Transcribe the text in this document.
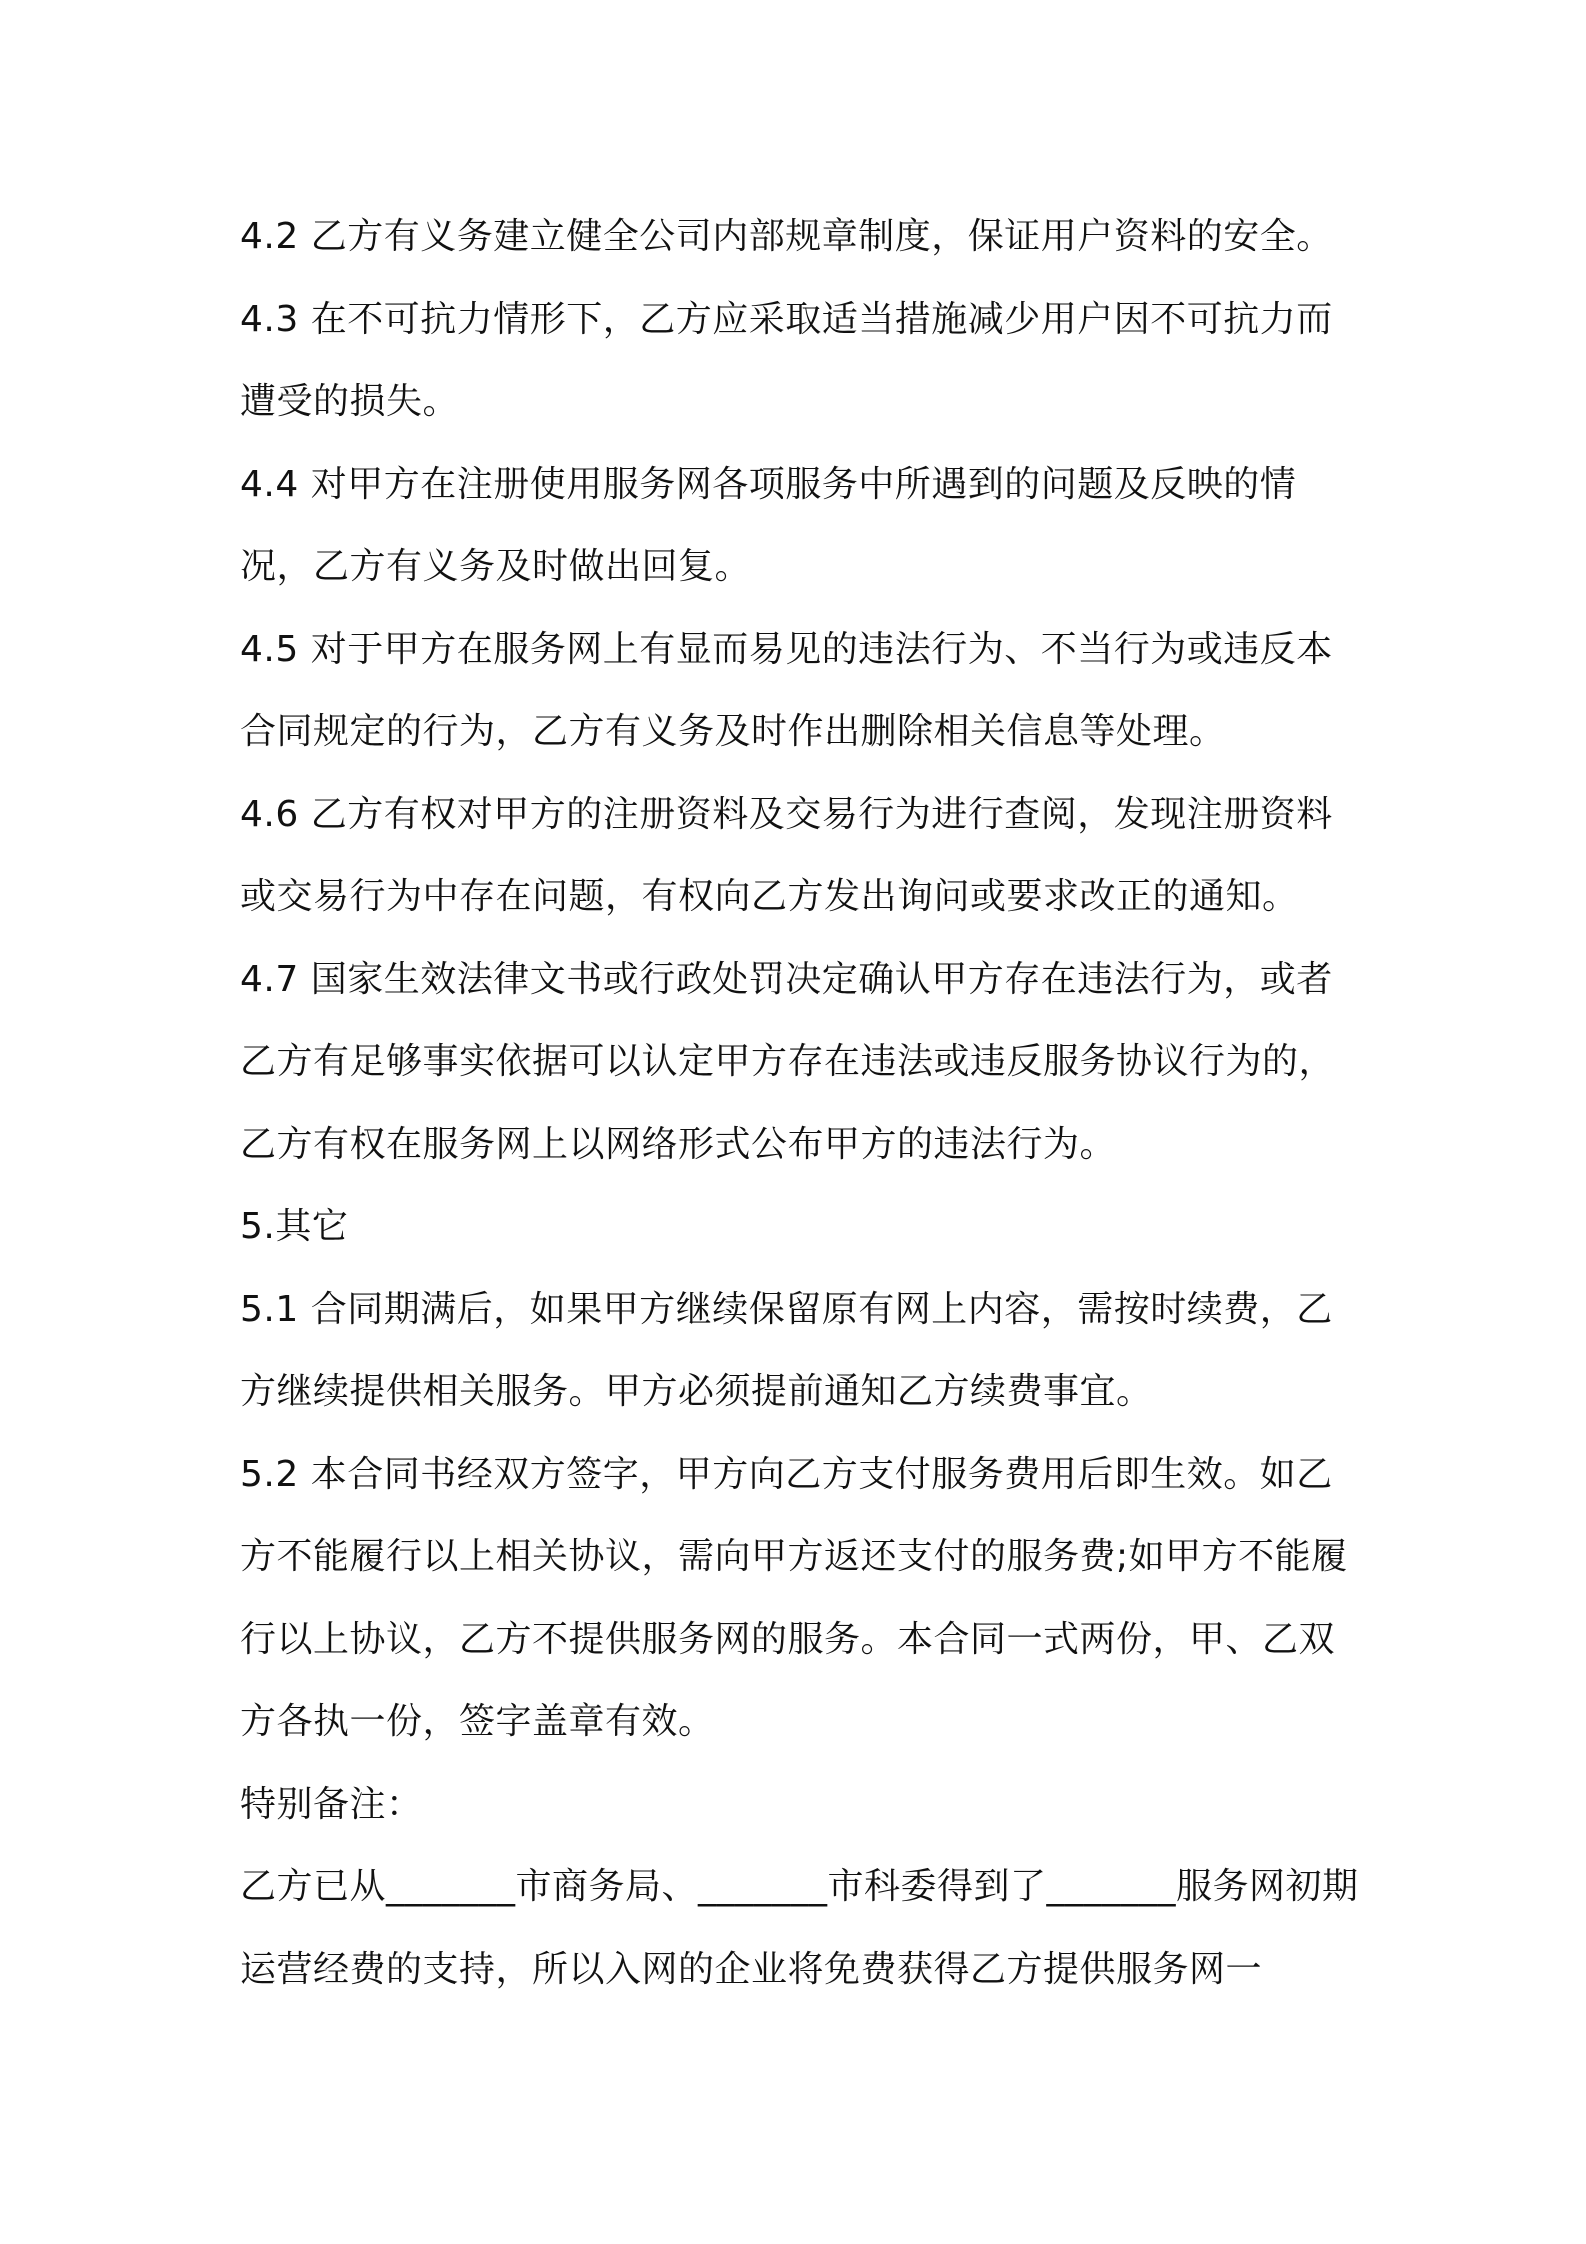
4.2 乙方有义务建立健全公司内部规章制度，保证用户资料的安全。

4.3 在不可抗力情形下，乙方应采取适当措施减少用户因不可抗力而遭受的损失。

4.4 对甲方在注册使用服务网各项服务中所遇到的问题及反映的情况，乙方有义务及时做出回复。

4.5 对于甲方在服务网上有显而易见的违法行为、不当行为或违反本合同规定的行为，乙方有义务及时作出删除相关信息等处理。

4.6 乙方有权对甲方的注册资料及交易行为进行查阅，发现注册资料或交易行为中存在问题，有权向乙方发出询问或要求改正的通知。

4.7 国家生效法律文书或行政处罚决定确认甲方存在违法行为，或者乙方有足够事实依据可以认定甲方存在违法或违反服务协议行为的，乙方有权在服务网上以网络形式公布甲方的违法行为。

5.其它

5.1 合同期满后，如果甲方继续保留原有网上内容，需按时续费，乙方继续提供相关服务。甲方必须提前通知乙方续费事宜。

5.2 本合同书经双方签字，甲方向乙方支付服务费用后即生效。如乙方不能履行以上相关协议，需向甲方返还支付的服务费;如甲方不能履行以上协议，乙方不提供服务网的服务。本合同一式两份，甲、乙双方各执一份，签字盖章有效。

特别备注：

乙方已从_______市商务局、_______市科委得到了_______服务网初期运营经费的支持，所以入网的企业将免费获得乙方提供服务网一
